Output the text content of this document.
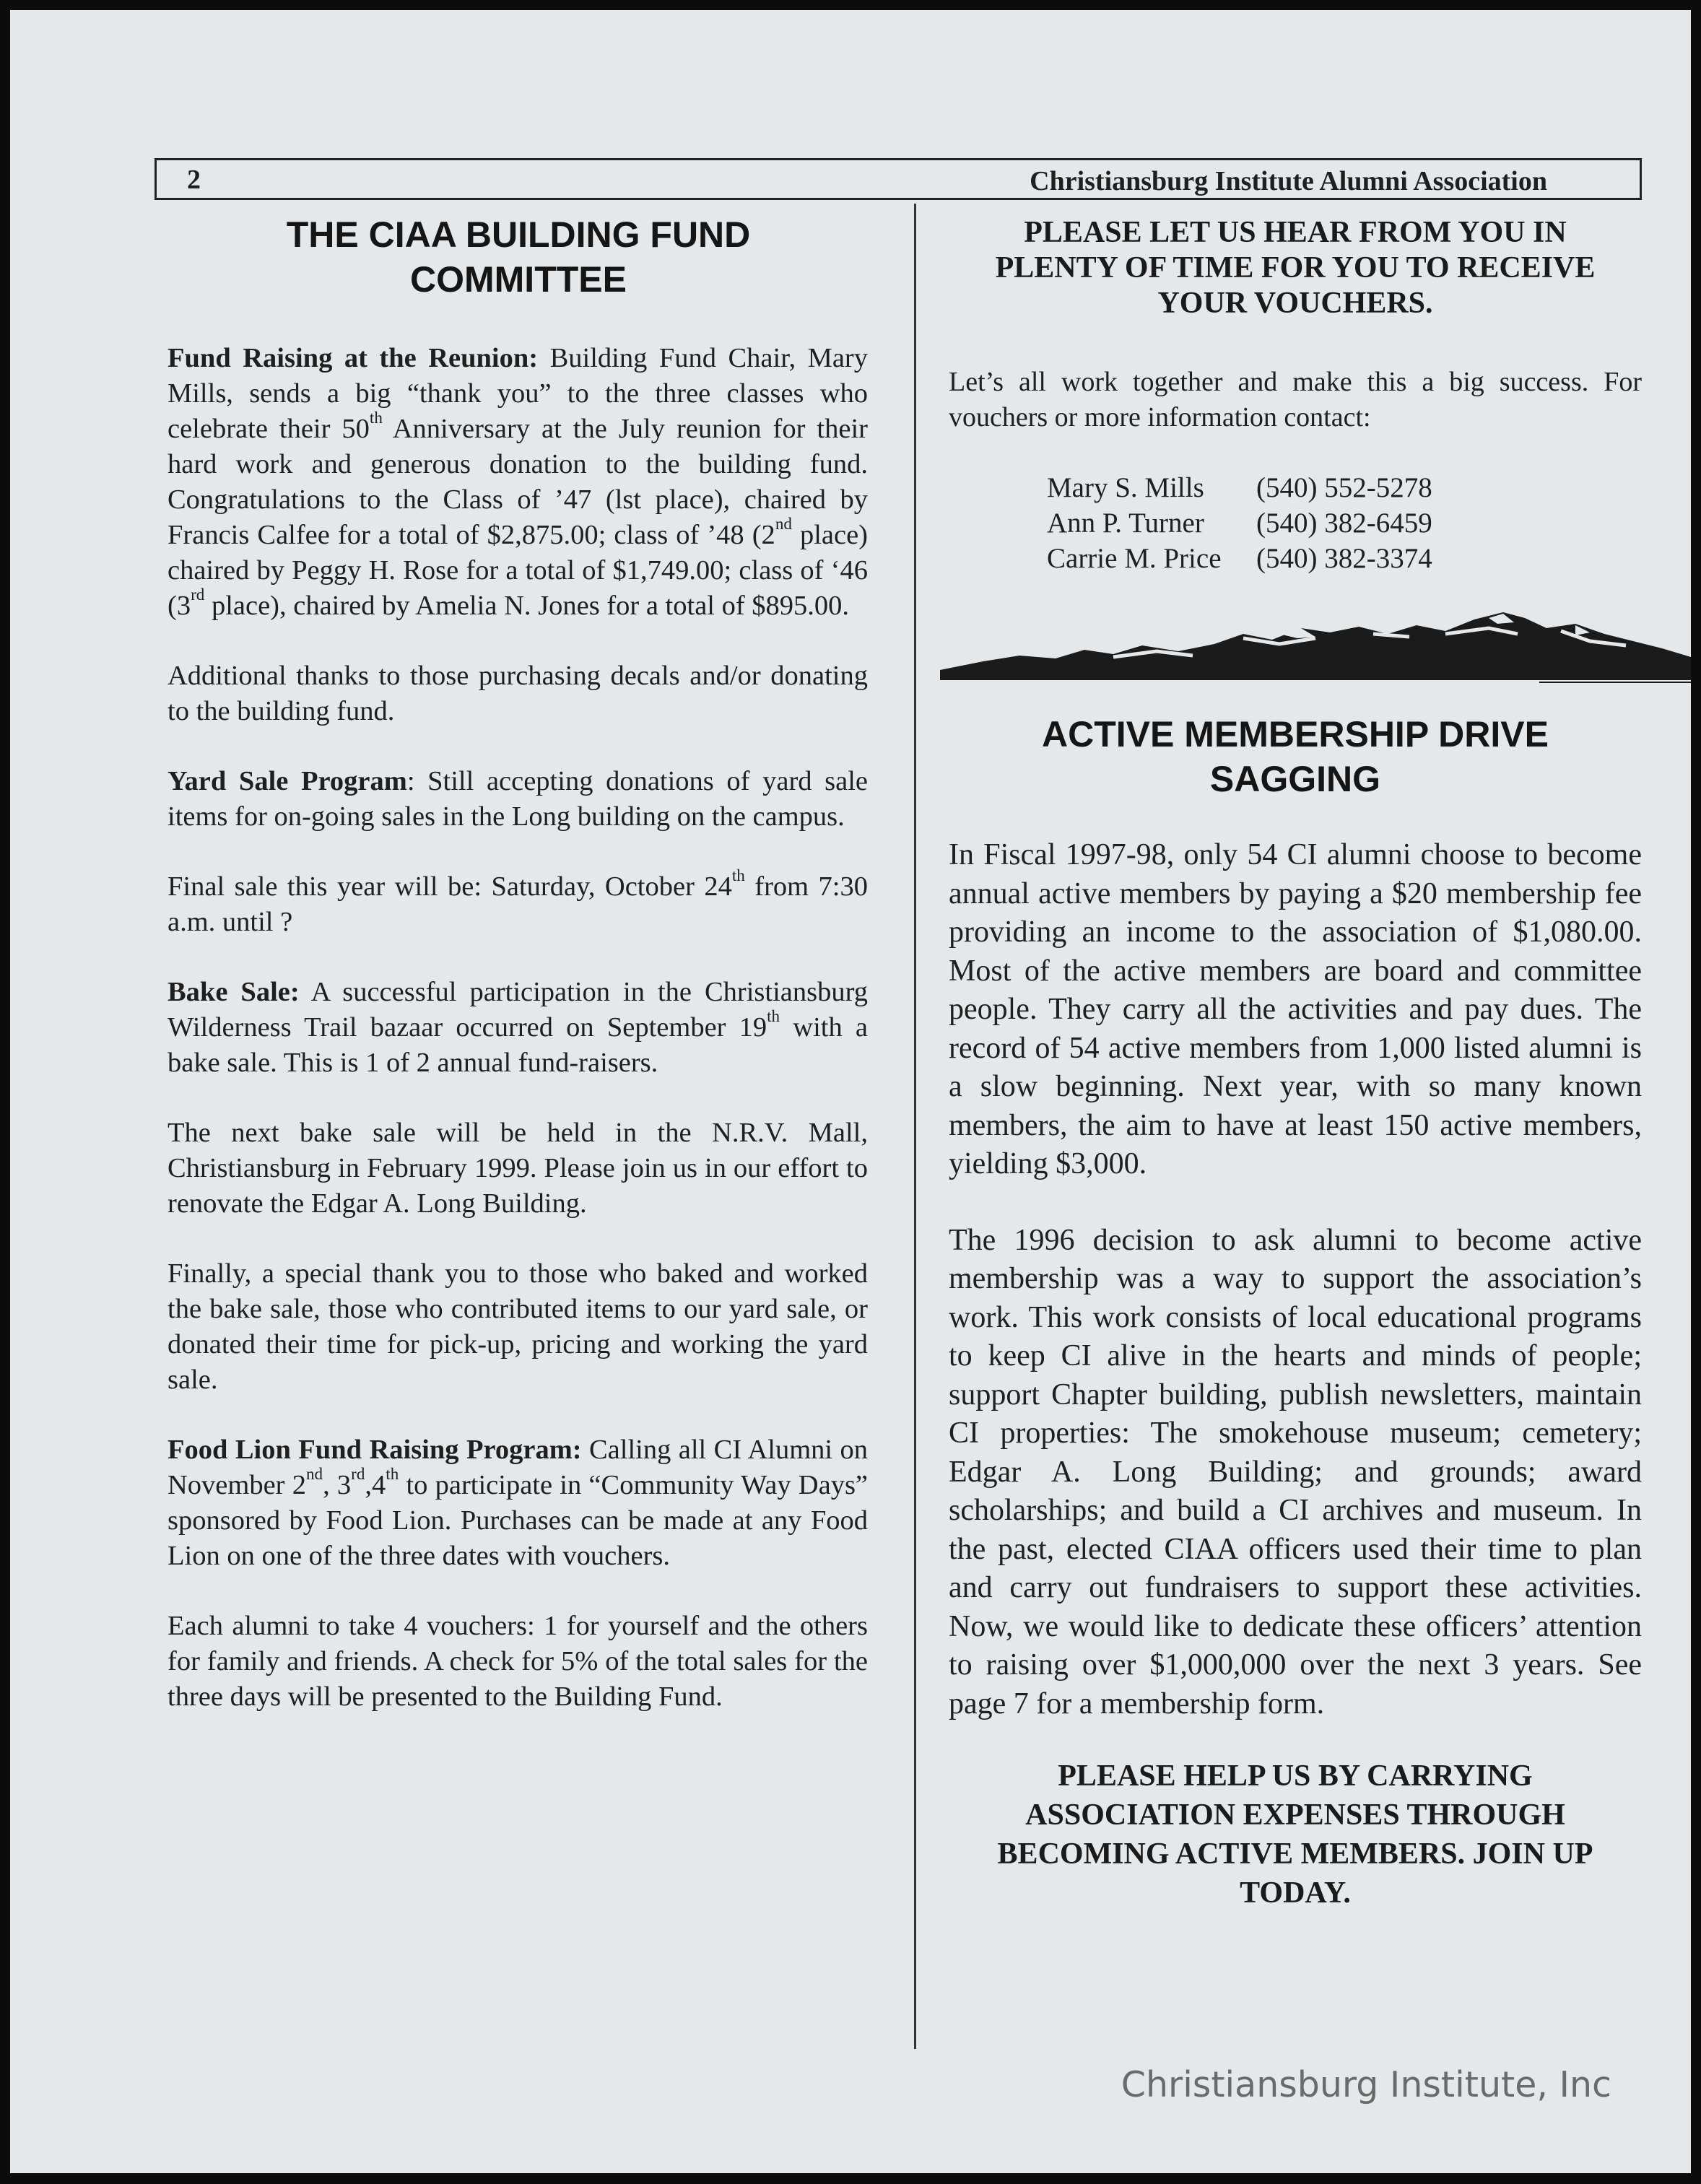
2	Christiansburg Institute Alumni Association
THE CIAA BUILDING FUND
COMMITTEE

Fund Raising at the Reunion: Building Fund Chair, Mary Mills, sends a big “thank you” to the three classes who celebrate their 50th Anniversary at the July reunion for their hard work and generous donation to the building fund. Congratulations to the Class of ’47 (lst place), chaired by Francis Calfee for a total of $2,875.00; class of ’48 (2nd place) chaired by Peggy H. Rose for a total of $1,749.00; class of ‘46 (3rd place), chaired by Amelia N. Jones for a total of $895.00.

Additional thanks to those purchasing decals and/or donating to the building fund.

Yard Sale Program: Still accepting donations of yard sale items for on-going sales in the Long building on the campus.

Final sale this year will be: Saturday, October 24th from 7:30 a.m. until ?

Bake Sale: A successful participation in the Christiansburg Wilderness Trail bazaar occurred on September 19th with a bake sale. This is 1 of 2 annual fund-raisers.

The next bake sale will be held in the N.R.V. Mall, Christiansburg in February 1999. Please join us in our effort to renovate the Edgar A. Long Building.

Finally, a special thank you to those who baked and worked the bake sale, those who contributed items to our yard sale, or donated their time for pick-up, pricing and working the yard sale.

Food Lion Fund Raising Program: Calling all CI Alumni on November 2nd, 3rd,4th to participate in “Community Way Days” sponsored by Food Lion. Purchases can be made at any Food Lion on one of the three dates with vouchers.

Each alumni to take 4 vouchers: 1 for yourself and the others for family and friends. A check for 5% of the total sales for the three days will be presented to the Building Fund.

PLEASE LET US HEAR FROM YOU IN
PLENTY OF TIME FOR YOU TO RECEIVE
YOUR VOUCHERS.

Let’s all work together and make this a big success. For vouchers or more information contact:

Mary S. Mills	(540) 552-5278
Ann P. Turner	(540) 382-6459
Carrie M. Price	(540) 382-3374
ACTIVE MEMBERSHIP DRIVE
SAGGING

In Fiscal 1997-98, only 54 CI alumni choose to become annual active members by paying a $20 membership fee providing an income to the association of $1,080.00. Most of the active members are board and committee people. They carry all the activities and pay dues. The record of 54 active members from 1,000 listed alumni is a slow beginning. Next year, with so many known members, the aim to have at least 150 active members, yielding $3,000.

The 1996 decision to ask alumni to become active membership was a way to support the association’s work. This work consists of local educational programs to keep CI alive in the hearts and minds of people; support Chapter building, publish newsletters, maintain CI properties: The smokehouse museum; cemetery; Edgar A. Long Building; and grounds; award scholarships; and build a CI archives and museum. In the past, elected CIAA officers used their time to plan and carry out fundraisers to support these activities. Now, we would like to dedicate these officers’ attention to raising over $1,000,000 over the next 3 years. See page 7 for a membership form.

PLEASE HELP US BY CARRYING
ASSOCIATION EXPENSES THROUGH
BECOMING ACTIVE MEMBERS. JOIN UP
TODAY.

Christiansburg Institute, Inc
